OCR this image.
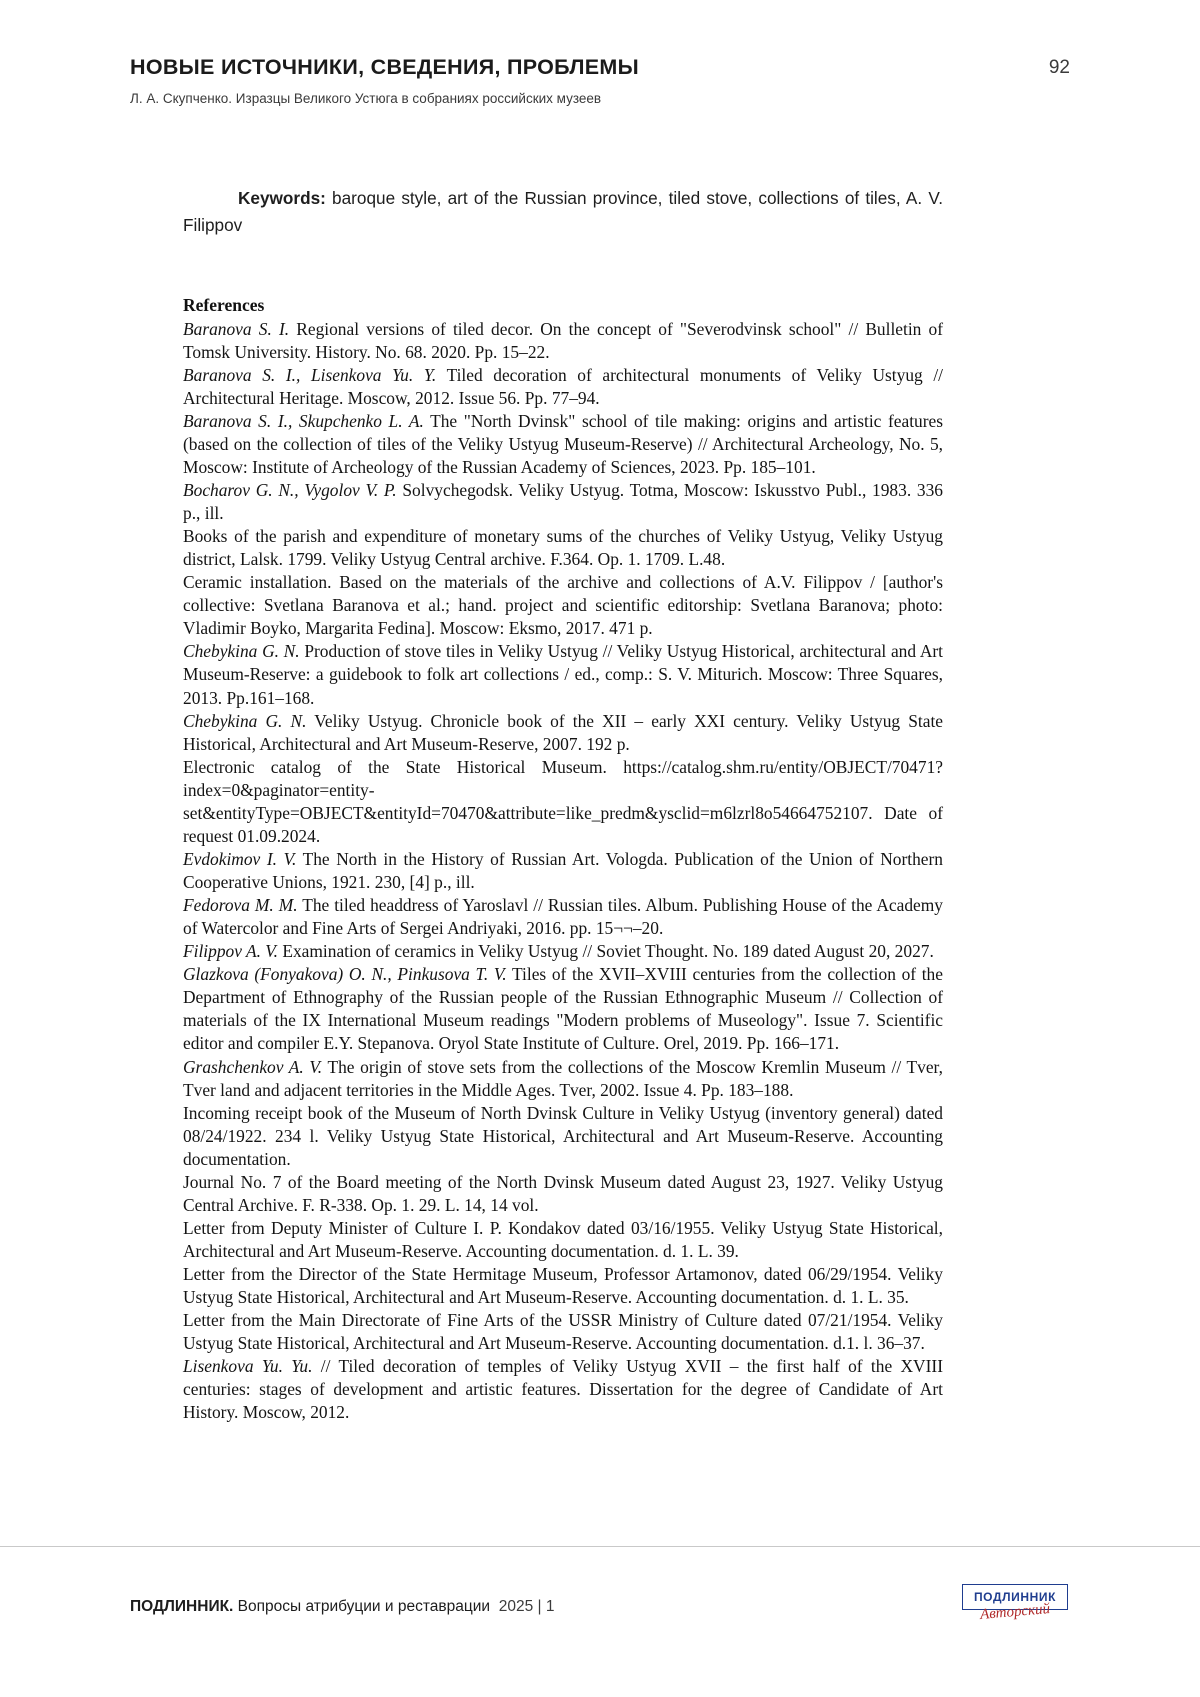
НОВЫЕ ИСТОЧНИКИ, СВЕДЕНИЯ, ПРОБЛЕМЫ	92
Л. А. Скупченко. Изразцы Великого Устюга в собраниях российских музеев

Keywords: baroque style, art of the Russian province, tiled stove, collections of tiles, A. V. Filippov

References

Baranova S. I. Regional versions of tiled decor. On the concept of "Severodvinsk school" // Bulletin of Tomsk University. History. No. 68. 2020. Pp. 15–22.

Baranova S. I., Lisenkova Yu. Y. Tiled decoration of architectural monuments of Veliky Ustyug // Architectural Heritage. Moscow, 2012. Issue 56. Pp. 77–94.

Baranova S. I., Skupchenko L. A. The "North Dvinsk" school of tile making: origins and artistic features (based on the collection of tiles of the Veliky Ustyug Museum-Reserve) // Architectural Archeology, No. 5, Moscow: Institute of Archeology of the Russian Academy of Sciences, 2023. Pp. 185–101.

Bocharov G. N., Vygolov V. P. Solvychegodsk. Veliky Ustyug. Totma, Moscow: Iskusstvo Publ., 1983. 336 p., ill.

Books of the parish and expenditure of monetary sums of the churches of Veliky Ustyug, Veliky Ustyug district, Lalsk. 1799. Veliky Ustyug Central archive. F.364. Op. 1. 1709. L.48.

Ceramic installation. Based on the materials of the archive and collections of A.V. Filippov / [author's collective: Svetlana Baranova et al.; hand. project and scientific editorship: Svetlana Baranova; photo: Vladimir Boyko, Margarita Fedina]. Moscow: Eksmo, 2017. 471 p.

Chebykina G. N. Production of stove tiles in Veliky Ustyug // Veliky Ustyug Historical, architectural and Art Museum-Reserve: a guidebook to folk art collections / ed., comp.: S. V. Miturich. Moscow: Three Squares, 2013. Pp.161–168.

Chebykina G. N. Veliky Ustyug. Chronicle book of the XII – early XXI century. Veliky Ustyug State Historical, Architectural and Art Museum-Reserve, 2007. 192 p.

Electronic catalog of the State Historical Museum. https://catalog.shm.ru/entity/OBJECT/70471?index=0&paginator=entity-set&entityType=OBJECT&entityId=70470&attribute=like_predm&ysclid=m6lzrl8o54664752107. Date of request 01.09.2024.

Evdokimov I. V. The North in the History of Russian Art. Vologda. Publication of the Union of Northern Cooperative Unions, 1921. 230, [4] p., ill.

Fedorova M. M. The tiled headdress of Yaroslavl // Russian tiles. Album. Publishing House of the Academy of Watercolor and Fine Arts of Sergei Andriyaki, 2016. pp. 15¬¬–20.

Filippov A. V. Examination of ceramics in Veliky Ustyug // Soviet Thought. No. 189 dated August 20, 2027.

Glazkova (Fonyakova) O. N., Pinkusova T. V. Tiles of the XVII–XVIII centuries from the collection of the Department of Ethnography of the Russian people of the Russian Ethnographic Museum // Collection of materials of the IX International Museum readings "Modern problems of Museology". Issue 7. Scientific editor and compiler E.Y. Stepanova. Oryol State Institute of Culture. Orel, 2019. Pp. 166–171.

Grashchenkov A. V. The origin of stove sets from the collections of the Moscow Kremlin Museum // Tver, Tver land and adjacent territories in the Middle Ages. Tver, 2002. Issue 4. Pp. 183–188.

Incoming receipt book of the Museum of North Dvinsk Culture in Veliky Ustyug (inventory general) dated 08/24/1922. 234 l. Veliky Ustyug State Historical, Architectural and Art Museum-Reserve. Accounting documentation.

Journal No. 7 of the Board meeting of the North Dvinsk Museum dated August 23, 1927. Veliky Ustyug Central Archive. F. R-338. Op. 1. 29. L. 14, 14 vol.

Letter from Deputy Minister of Culture I. P. Kondakov dated 03/16/1955. Veliky Ustyug State Historical, Architectural and Art Museum-Reserve. Accounting documentation. d. 1. L. 39.

Letter from the Director of the State Hermitage Museum, Professor Artamonov, dated 06/29/1954. Veliky Ustyug State Historical, Architectural and Art Museum-Reserve. Accounting documentation. d. 1. L. 35.

Letter from the Main Directorate of Fine Arts of the USSR Ministry of Culture dated 07/21/1954. Veliky Ustyug State Historical, Architectural and Art Museum-Reserve. Accounting documentation. d.1. l. 36–37.

Lisenkova Yu. Yu. // Tiled decoration of temples of Veliky Ustyug XVII – the first half of the XVIII centuries: stages of development and artistic features. Dissertation for the degree of Candidate of Art History. Moscow, 2012.

ПОДЛИННИК. Вопросы атрибуции и реставрации 2025 | 1
ПОДЛИННИК
Авторский
